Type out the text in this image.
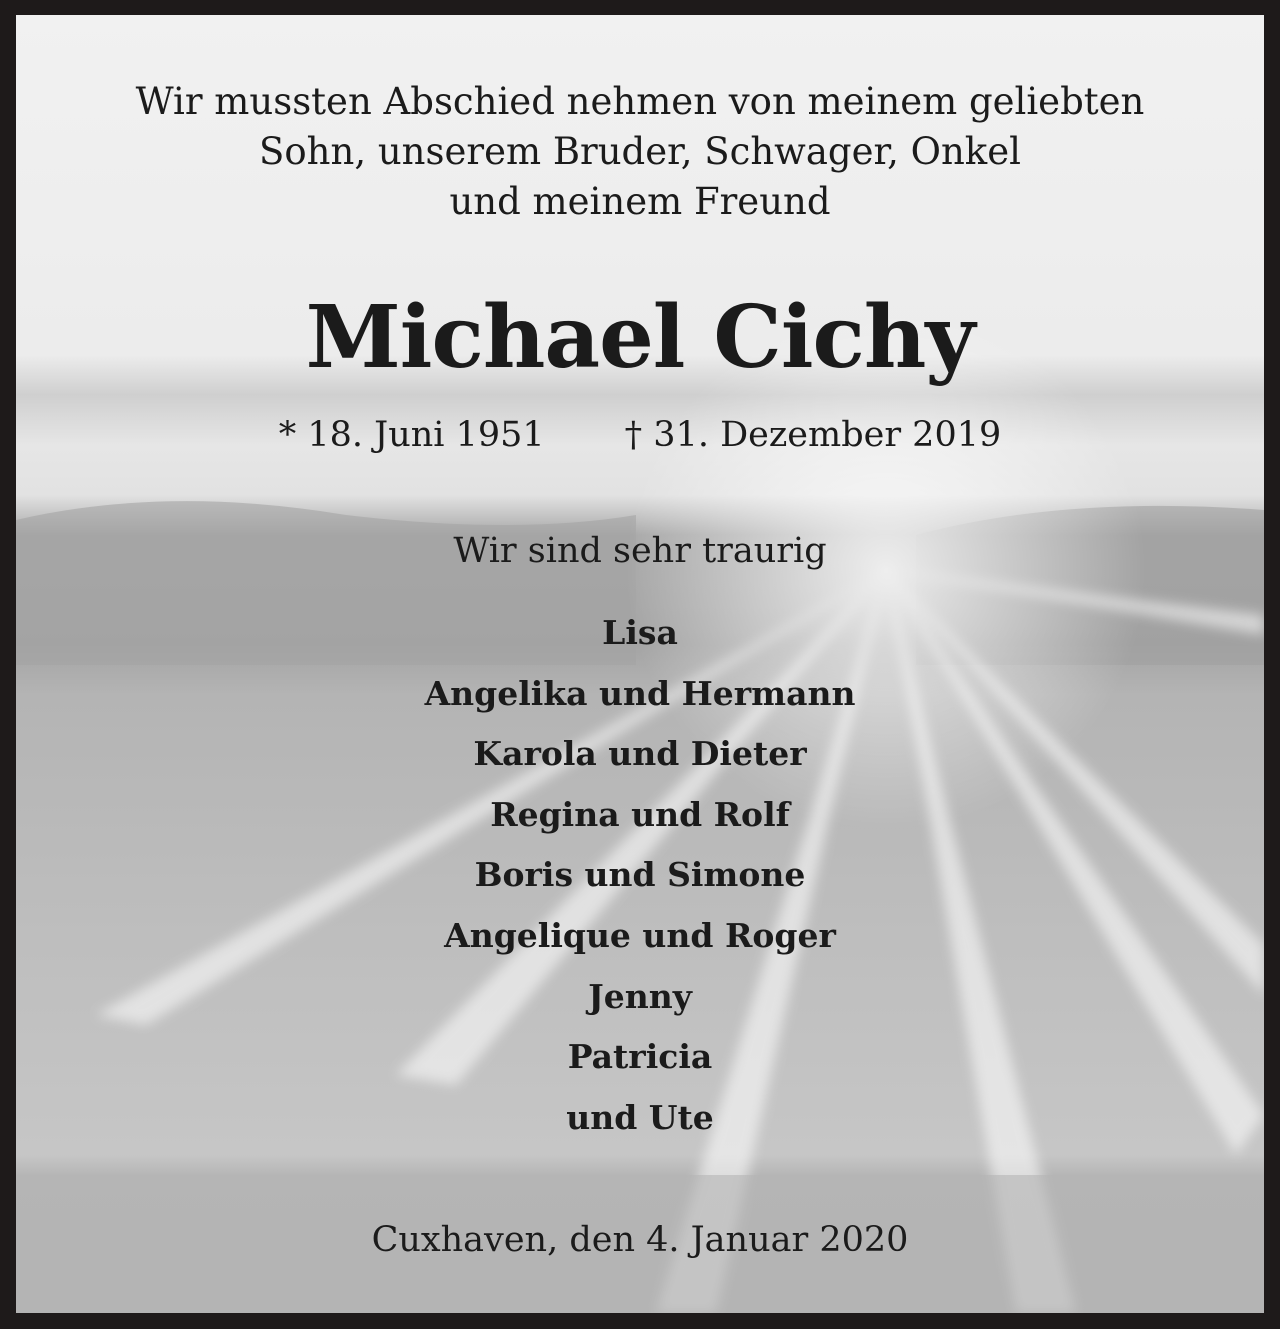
Wir mussten Abschied nehmen von meinem geliebten
Sohn, unserem Bruder, Schwager, Onkel
und meinem Freund
Michael Cichy
* 18. Juni 1951 † 31. Dezember 2019
Wir sind sehr traurig
Lisa
Angelika und Hermann
Karola und Dieter
Regina und Rolf
Boris und Simone
Angelique und Roger
Jenny
Patricia
und Ute
Cuxhaven, den 4. Januar 2020
